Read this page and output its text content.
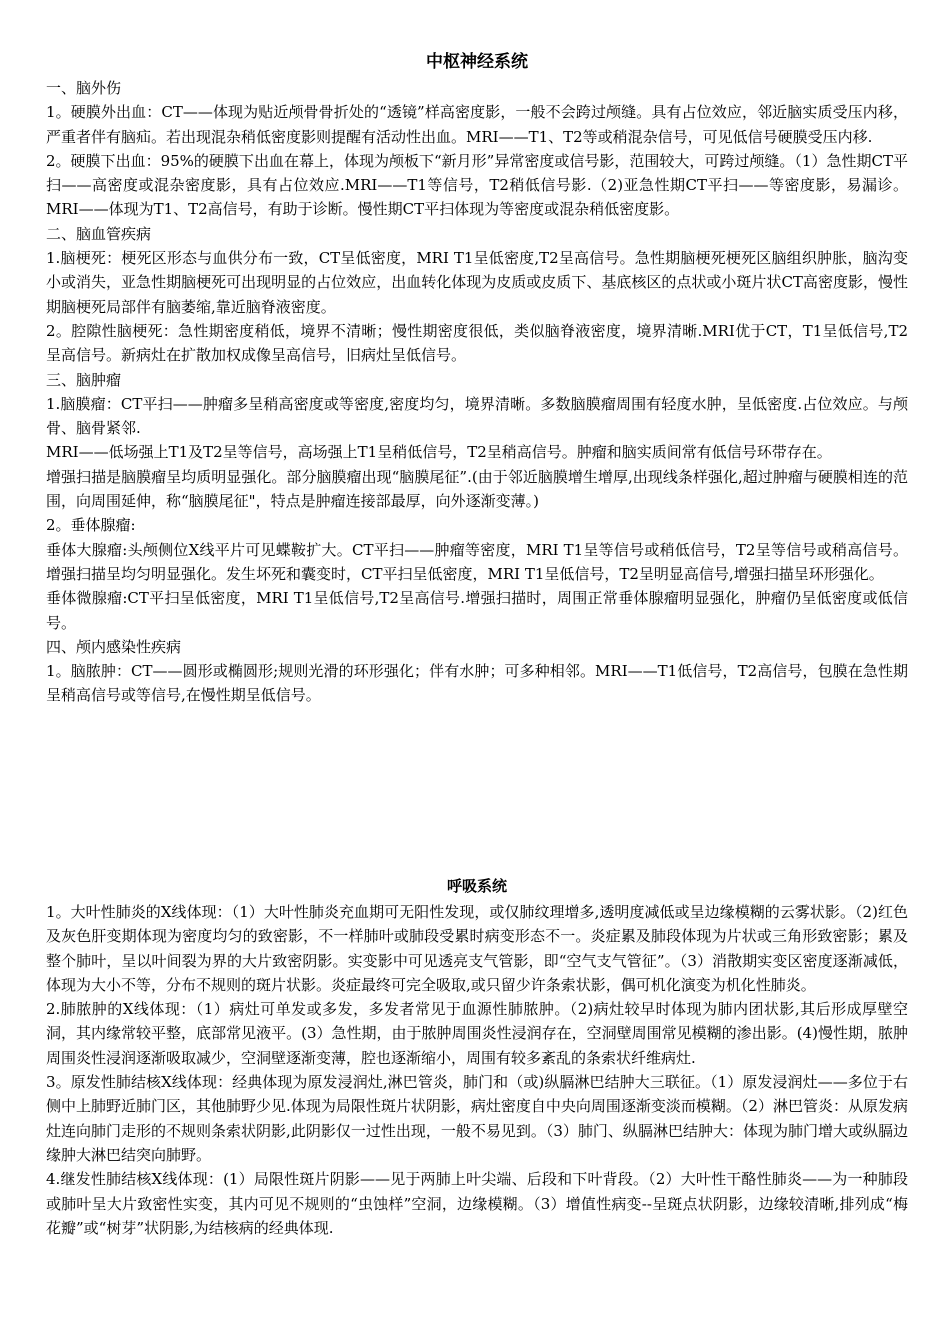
中枢神经系统

一、脑外伤

1。硬膜外出血：CT——体现为贴近颅骨骨折处的“透镜”样高密度影，一般不会跨过颅缝。具有占位效应，邻近脑实质受压内移，严重者伴有脑疝。若出现混杂稍低密度影则提醒有活动性出血。MRI——T1、T2等或稍混杂信号，可见低信号硬膜受压内移.

2。硬膜下出血：95%的硬膜下出血在幕上，体现为颅板下“新月形”异常密度或信号影，范围较大，可跨过颅缝。（1）急性期CT平扫——高密度或混杂密度影，具有占位效应.MRI——T1等信号，T2稍低信号影.（2)亚急性期CT平扫——等密度影，易漏诊。MRI——体现为T1、T2高信号，有助于诊断。慢性期CT平扫体现为等密度或混杂稍低密度影。

二、脑血管疾病

1.脑梗死：梗死区形态与血供分布一致，CT呈低密度，MRI T1呈低密度,T2呈高信号。急性期脑梗死梗死区脑组织肿胀，脑沟变小或消失，亚急性期脑梗死可出现明显的占位效应，出血转化体现为皮质或皮质下、基底核区的点状或小斑片状CT高密度影，慢性期脑梗死局部伴有脑萎缩,靠近脑脊液密度。

2。腔隙性脑梗死：急性期密度稍低，境界不清晰；慢性期密度很低，类似脑脊液密度，境界清晰.MRI优于CT，T1呈低信号,T2呈高信号。新病灶在扩散加权成像呈高信号，旧病灶呈低信号。

三、脑肿瘤

1.脑膜瘤：CT平扫——肿瘤多呈稍高密度或等密度,密度均匀，境界清晰。多数脑膜瘤周围有轻度水肿，呈低密度.占位效应。与颅骨、脑骨紧邻.

MRI——低场强上T1及T2呈等信号，高场强上T1呈稍低信号，T2呈稍高信号。肿瘤和脑实质间常有低信号环带存在。

增强扫描是脑膜瘤呈均质明显强化。部分脑膜瘤出现“脑膜尾征”.(由于邻近脑膜增生增厚,出现线条样强化,超过肿瘤与硬膜相连的范围，向周围延伸，称“脑膜尾征"，特点是肿瘤连接部最厚，向外逐渐变薄。)

2。垂体腺瘤:

垂体大腺瘤:头颅侧位X线平片可见蝶鞍扩大。CT平扫——肿瘤等密度，MRI T1呈等信号或稍低信号，T2呈等信号或稍高信号。增强扫描呈均匀明显强化。发生坏死和囊变时，CT平扫呈低密度，MRI T1呈低信号，T2呈明显高信号,增强扫描呈环形强化。

垂体微腺瘤:CT平扫呈低密度，MRI T1呈低信号,T2呈高信号.增强扫描时，周围正常垂体腺瘤明显强化，肿瘤仍呈低密度或低信号。

四、颅内感染性疾病

1。脑脓肿：CT——圆形或椭圆形;规则光滑的环形强化；伴有水肿；可多种相邻。MRI——T1低信号，T2高信号，包膜在急性期呈稍高信号或等信号,在慢性期呈低信号。

呼吸系统

1。大叶性肺炎的X线体现：（1）大叶性肺炎充血期可无阳性发现，或仅肺纹理增多,透明度减低或呈边缘模糊的云雾状影。（2)红色及灰色肝变期体现为密度均匀的致密影，不一样肺叶或肺段受累时病变形态不一。炎症累及肺段体现为片状或三角形致密影；累及整个肺叶，呈以叶间裂为界的大片致密阴影。实变影中可见透亮支气管影，即“空气支气管征”。（3）消散期实变区密度逐渐减低，体现为大小不等，分布不规则的斑片状影。炎症最终可完全吸取,或只留少许条索状影，偶可机化演变为机化性肺炎。

2.肺脓肿的X线体现：（1）病灶可单发或多发，多发者常见于血源性肺脓肿。（2)病灶较早时体现为肺内团状影,其后形成厚壁空洞，其内缘常较平整，底部常见液平。(3）急性期，由于脓肿周围炎性浸润存在，空洞壁周围常见模糊的渗出影。(4)慢性期，脓肿周围炎性浸润逐渐吸取减少，空洞壁逐渐变薄，腔也逐渐缩小，周围有较多紊乱的条索状纤维病灶.

3。原发性肺结核X线体现：经典体现为原发浸润灶,淋巴管炎，肺门和（或)纵膈淋巴结肿大三联征。（1）原发浸润灶——多位于右侧中上肺野近肺门区，其他肺野少见.体现为局限性斑片状阴影，病灶密度自中央向周围逐渐变淡而模糊。（2）淋巴管炎：从原发病灶连向肺门走形的不规则条索状阴影,此阴影仅一过性出现，一般不易见到。（3）肺门、纵膈淋巴结肿大：体现为肺门增大或纵膈边缘肿大淋巴结突向肺野。

4.继发性肺结核X线体现：(1）局限性斑片阴影——见于两肺上叶尖端、后段和下叶背段。（2）大叶性干酪性肺炎——为一种肺段或肺叶呈大片致密性实变，其内可见不规则的“虫蚀样”空洞，边缘模糊。（3）增值性病变--呈斑点状阴影，边缘较清晰,排列成“梅花瓣”或“树芽”状阴影,为结核病的经典体现.
